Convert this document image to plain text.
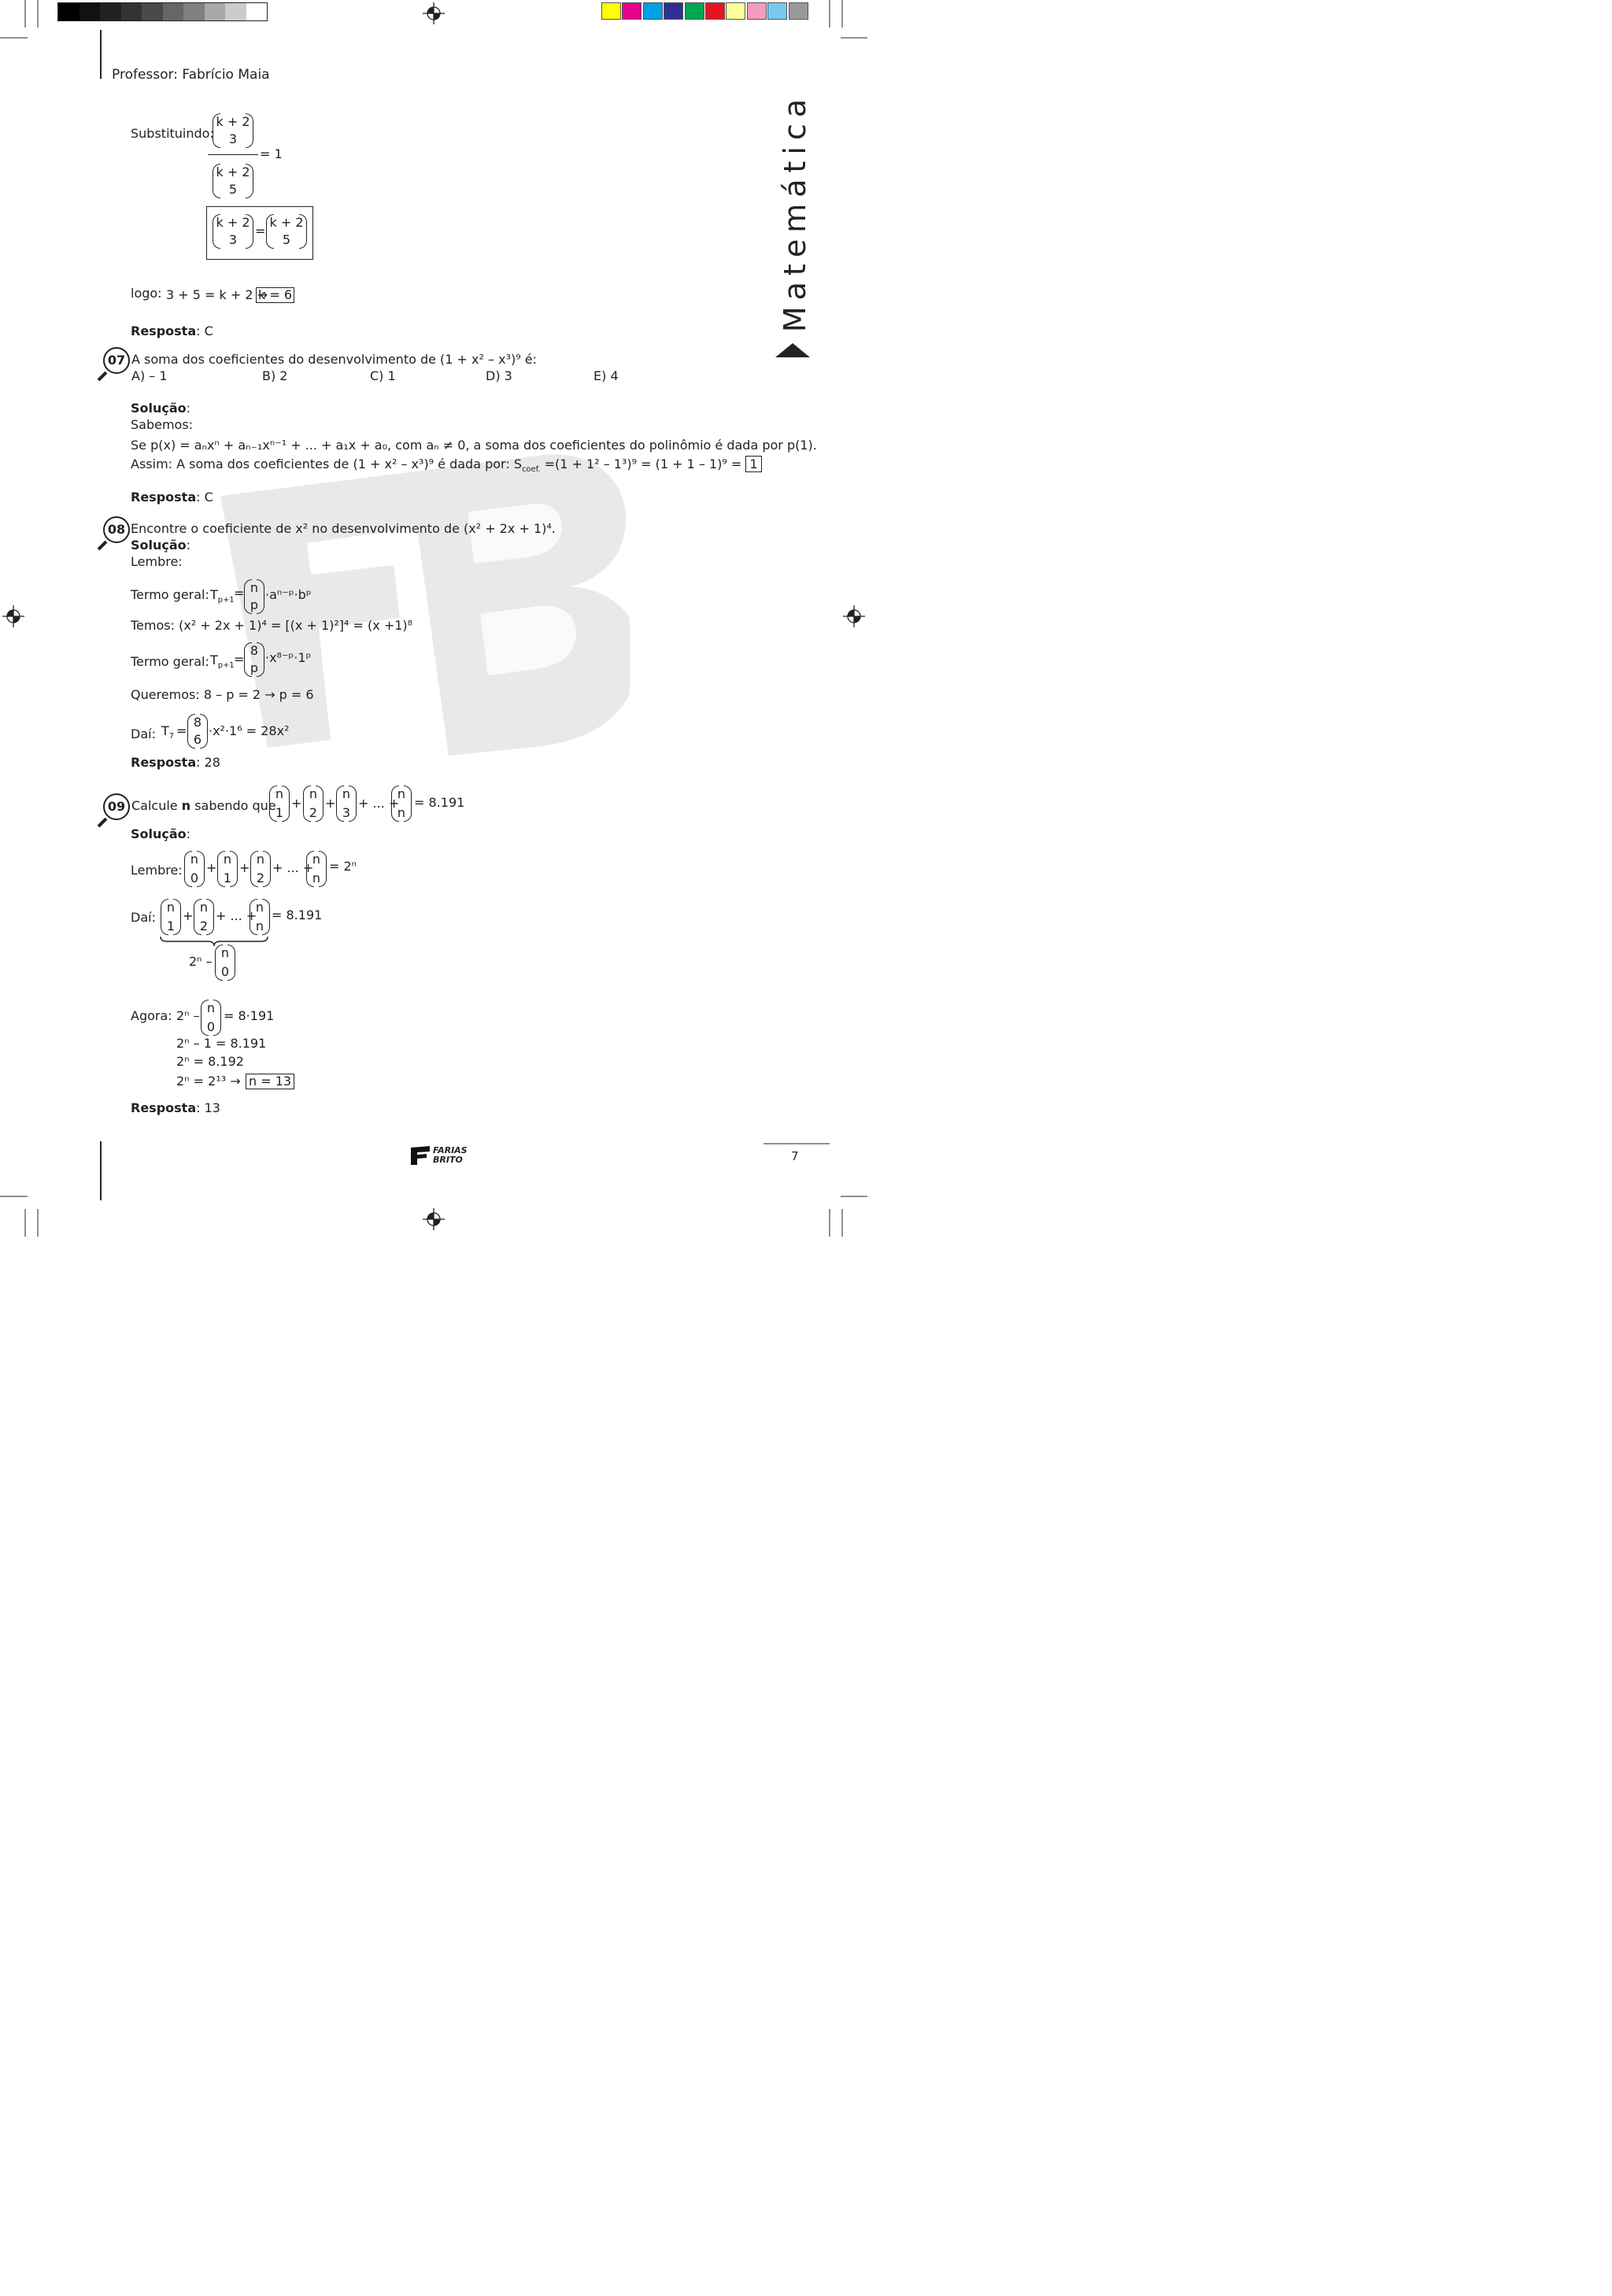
Professor: Fabrício Maia
Matemática
Substituindo:
k + 2
3
= 1
k + 2
5
k + 2
3
=
k + 2
5
logo: 3 + 5 = k + 2 →
k = 6
Resposta: C
07 A soma dos coeficientes do desenvolvimento de (1 + x² – x³)⁹ é:
A) – 1	B) 2	C) 1	D) 3	E) 4
Solução:
Sabemos:
Se p(x) = aₙxⁿ + aₙ₋₁xⁿ⁻¹ + ... + a₁x + a₀, com aₙ ≠ 0, a soma dos coeficientes do polinômio é dada por p(1).
Assim: A soma dos coeficientes de (1 + x² – x³)⁹ é dada por: $S_{coef.} =(1 + 1^2 - 1^3)^9 = (1 + 1 - 1)^9 = 1$
Resposta: C
08 Encontre o coeficiente de x² no desenvolvimento de (x² + 2x + 1)⁴.
Solução:
Lembre:
Termo geral: $T_{p+1} = n$
p
·aⁿ⁻ᵖ·bᵖ
Temos: (x² + 2x + 1)⁴ = [(x + 1)²]⁴ = (x +1)⁸
Termo geral: $T_{p+1}$ =
8
p
·x⁸⁻ᵖ·1ᵖ
Queremos: 8 – p = 2 → p = 6
Daí: $T_7$ =
8
6
·x²·1⁶ = 28x²
Resposta: 28
09 Calcule n sabendo que
n
1
+
n
2
+
n
3
+ ... +
n
n
= 8.191
Solução:
Lembre:
n
0
+
n
1
+
n
2
+ ... +
n
n
= 2ⁿ
Daí:
n
1
+
n
2
+ ... +
n
n
= 8.191
2ⁿ –
n
0
Agora: 2ⁿ –
n
0
= 8·191
2ⁿ – 1 = 8.191
2ⁿ = 8.192
2ⁿ = 2¹³ → n = 13
Resposta: 13
FARIAS
BRITO	7
